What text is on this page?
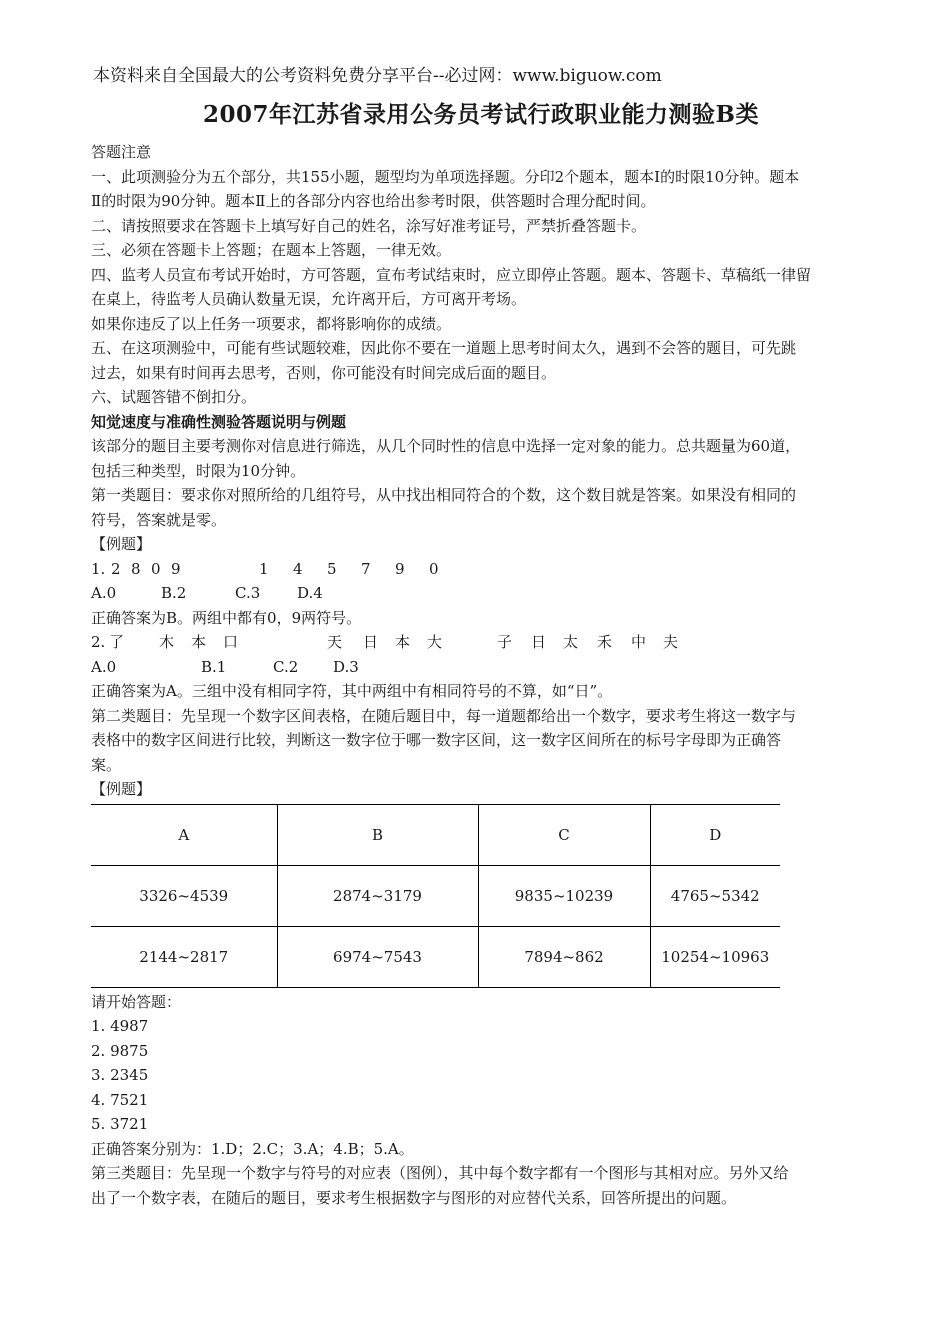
本资料来自全国最大的公考资料免费分享平台--必过网：www.biguow.com
2007年江苏省录用公务员考试行政职业能力测验B类

答题注意

一、此项测验分为五个部分，共155小题，题型均为单项选择题。分印2个题本，题本Ⅰ的时限10分钟。题本

Ⅱ的时限为90分钟。题本Ⅱ上的各部分内容也给出参考时限，供答题时合理分配时间。

二、请按照要求在答题卡上填写好自己的姓名，涂写好准考证号，严禁折叠答题卡。

三、必须在答题卡上答题；在题本上答题，一律无效。

四、监考人员宣布考试开始时，方可答题，宣布考试结束时，应立即停止答题。题本、答题卡、草稿纸一律留

在桌上，待监考人员确认数量无误，允许离开后，方可离开考场。

如果你违反了以上任务一项要求，都将影响你的成绩。

五、在这项测验中，可能有些试题较难，因此你不要在一道题上思考时间太久，遇到不会答的题目，可先跳

过去，如果有时间再去思考，否则，你可能没有时间完成后面的题目。

六、试题答错不倒扣分。

知觉速度与准确性测验答题说明与例题

该部分的题目主要考测你对信息进行筛选，从几个同时性的信息中选择一定对象的能力。总共题量为60道，

包括三种类型，时限为10分钟。

第一类题目：要求你对照所给的几组符号，从中找出相同符合的个数，这个数目就是答案。如果没有相同的

符号，答案就是零。

【例题】

1. 2 8 0 9	1 4 5 7 9 0
A.0	B.2	C.3 D.4

正确答案为B。两组中都有0，9两符号。

2. 了 木 本 口	天 日 本 大	子 日 太 禾 中 夫
A.0	B.1	C.2 D.3

正确答案为A。三组中没有相同字符，其中两组中有相同符号的不算，如“日”。

第二类题目：先呈现一个数字区间表格，在随后题目中，每一道题都给出一个数字，要求考生将这一数字与

表格中的数字区间进行比较，判断这一数字位于哪一数字区间，这一数字区间所在的标号字母即为正确答

案。

【例题】

A	B	C	D
3326~4539	2874~3179	9835~10239	4765~5342
2144~2817	6974~7543	7894~862	10254~10963

请开始答题：

1. 4987

2. 9875

3. 2345

4. 7521

5. 3721

正确答案分别为：1.D；2.C；3.A；4.B；5.A。

第三类题目：先呈现一个数字与符号的对应表（图例），其中每个数字都有一个图形与其相对应。另外又给

出了一个数字表，在随后的题目，要求考生根据数字与图形的对应替代关系，回答所提出的问题。
